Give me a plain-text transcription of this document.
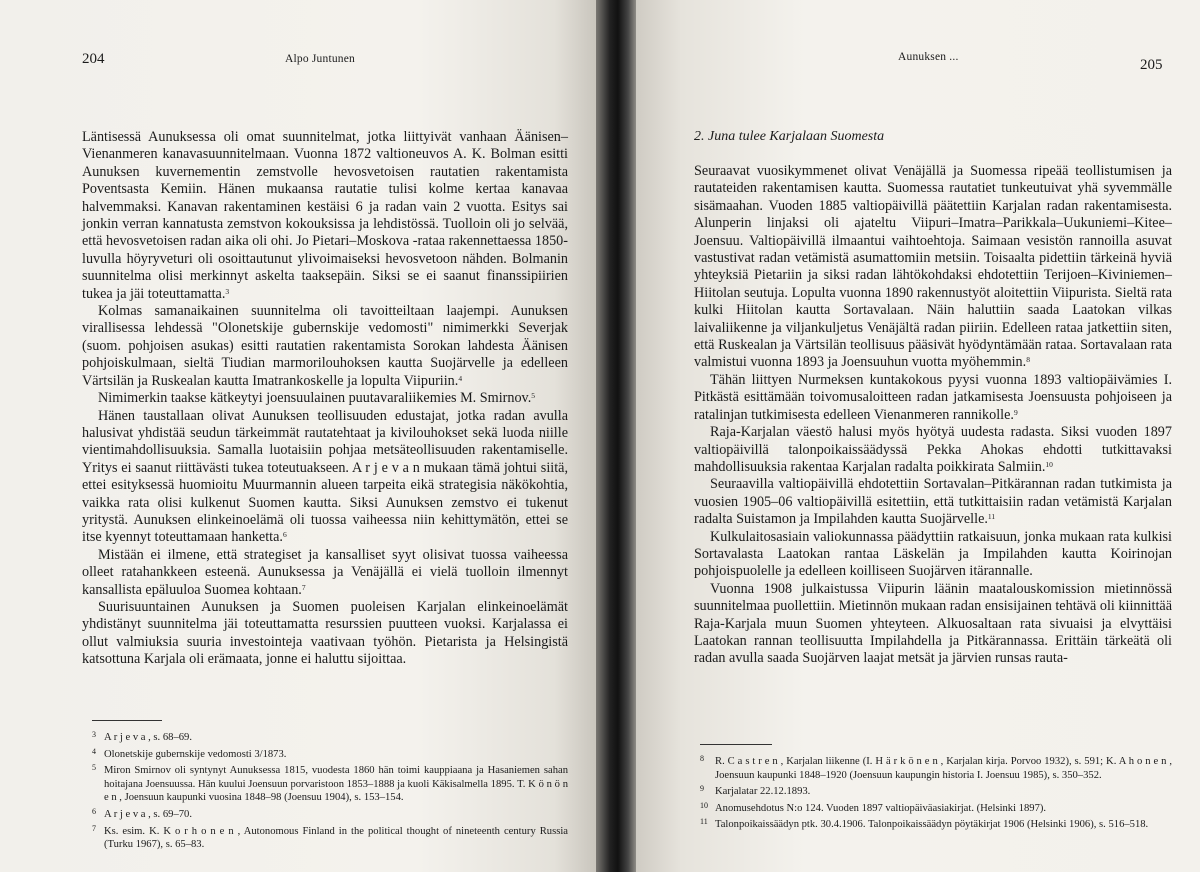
204	Alpo Juntunen

Läntisessä Aunuksessa oli omat suunnitelmat, jotka liittyivät vanhaan Äänisen–Vienanmeren kanavasuunnitelmaan. Vuonna 1872 valtioneuvos A. K. Bolman esitti Aunuksen kuvernementin zemstvolle hevosvetoisen rautatien rakentamista Poventsasta Kemiin. Hänen mukaansa rautatie tulisi kolme kertaa kanavaa halvemmaksi. Kanavan rakentaminen kestäisi 6 ja radan vain 2 vuotta. Esitys sai jonkin verran kannatusta zemstvon kokouksissa ja lehdistössä. Tuolloin oli jo selvää, että hevosvetoisen radan aika oli ohi. Jo Pietari–Moskova -rataa rakennettaessa 1850-luvulla höyryveturi oli osoittautunut ylivoimaiseksi hevosvetoon nähden. Bolmanin suunnitelma olisi merkinnyt askelta taaksepäin. Siksi se ei saanut finanssipiirien tukea ja jäi toteuttamatta.$^3$

Kolmas samanaikainen suunnitelma oli tavoitteiltaan laajempi. Aunuksen virallisessa lehdessä "Olonetskije gubernskije vedomosti" nimimerkki Severjak (suom. pohjoisen asukas) esitti rautatien rakentamista Sorokan lahdesta Äänisen pohjoiskulmaan, sieltä Tiudian marmorilouhoksen kautta Suojärvelle ja edelleen Värtsilän ja Ruskealan kautta Imatrankoskelle ja lopulta Viipuriin.$^4$

Nimimerkin taakse kätkeytyi joensuulainen puutavaraliikemies M. Smirnov.$^5$

Hänen taustallaan olivat Aunuksen teollisuuden edustajat, jotka radan avulla halusivat yhdistää seudun tärkeimmät rautatehtaat ja kivilouhokset sekä luoda niille vientimahdollisuuksia. Samalla luotaisiin pohjaa metsäteollisuuden rakentamiselle. Yritys ei saanut riittävästi tukea toteutuakseen. A r j e v a n mukaan tämä johtui siitä, ettei esityksessä huomioitu Muurmannin alueen tarpeita eikä strategisia näkökohtia, vaikka rata olisi kulkenut Suomen kautta. Siksi Aunuksen zemstvo ei tukenut yritystä. Aunuksen elinkeinoelämä oli tuossa vaiheessa niin kehittymätön, ettei se itse kyennyt toteuttamaan hanketta.$^6$

Mistään ei ilmene, että strategiset ja kansalliset syyt olisivat tuossa vaiheessa olleet ratahankkeen esteenä. Aunuksessa ja Venäjällä ei vielä tuolloin ilmennyt kansallista epäluuloa Suomea kohtaan.$^7$

Suurisuuntainen Aunuksen ja Suomen puoleisen Karjalan elinkeinoelämät yhdistänyt suunnitelma jäi toteuttamatta resurssien puutteen vuoksi. Karjalassa ei ollut valmiuksia suuria investointeja vaativaan työhön. Pietarista ja Helsingistä katsottuna Karjala oli erämaata, jonne ei haluttu sijoittaa.

3 A r j e v a , s. 68–69.

4 Olonetskije gubernskije vedomosti 3/1873.

5 Miron Smirnov oli syntynyt Aunuksessa 1815, vuodesta 1860 hän toimi kauppiaana ja Hasaniemen sahan hoitajana Joensuussa. Hän kuului Joensuun porvaristoon 1853–1888 ja kuoli Käkisalmella 1895. T. K ö n ö n e n , Joensuun kaupunki vuosina 1848–98 (Joensuu 1904), s. 153–154.

6 A r j e v a , s. 69–70.

7 Ks. esim. K. K o r h o n e n , Autonomous Finland in the political thought of nineteenth century Russia (Turku 1967), s. 65–83.

Aunuksen ...	205
2. Juna tulee Karjalaan Suomesta

Seuraavat vuosikymmenet olivat Venäjällä ja Suomessa ripeää teollistumisen ja rautateiden rakentamisen kautta. Suomessa rautatiet tunkeutuivat yhä syvemmälle sisämaahan. Vuoden 1885 valtiopäivillä päätettiin Karjalan radan rakentamisesta. Alunperin linjaksi oli ajateltu Viipuri–Imatra–Parikkala–Uukuniemi–Kitee–Joensuu. Valtiopäivillä ilmaantui vaihtoehtoja. Saimaan vesistön rannoilla asuvat vastustivat radan vetämistä asumattomiin metsiin. Toisaalta pidettiin tärkeinä hyviä yhteyksiä Pietariin ja siksi radan lähtökohdaksi ehdotettiin Terijoen–Kiviniemen–Hiitolan seutuja. Lopulta vuonna 1890 rakennustyöt aloitettiin Viipurista. Sieltä rata kulki Hiitolan kautta Sortavalaan. Näin haluttiin saada Laatokan vilkas laivaliikenne ja viljankuljetus Venäjältä radan piiriin. Edelleen rataa jatkettiin siten, että Ruskealan ja Värtsilän teollisuus pääsivät hyödyntämään rataa. Sortavalaan rata valmistui vuonna 1893 ja Joensuuhun vuotta myöhemmin.$^8$

Tähän liittyen Nurmeksen kuntakokous pyysi vuonna 1893 valtiopäivämies I. Pitkästä esittämään toivomusaloitteen radan jatkamisesta Joensuusta pohjoiseen ja ratalinjan tutkimisesta edelleen Vienanmeren rannikolle.$^9$

Raja-Karjalan väestö halusi myös hyötyä uudesta radasta. Siksi vuoden 1897 valtiopäivillä talonpoikaissäädyssä Pekka Ahokas ehdotti tutkittavaksi mahdollisuuksia rakentaa Karjalan radalta poikkirata Salmiin.$^{10}$

Seuraavilla valtiopäivillä ehdotettiin Sortavalan–Pitkärannan radan tutkimista ja vuosien 1905–06 valtiopäivillä esitettiin, että tutkittaisiin radan vetämistä Karjalan radalta Suistamon ja Impilahden kautta Suojärvelle.$^{11}$

Kulkulaitosasiain valiokunnassa päädyttiin ratkaisuun, jonka mukaan rata kulkisi Sortavalasta Laatokan rantaa Läskelän ja Impilahden kautta Koirinojan pohjoispuolelle ja edelleen koilliseen Suojärven itärannalle.

Vuonna 1908 julkaistussa Viipurin läänin maatalouskomission mietinnössä suunnitelmaa puollettiin. Mietinnön mukaan radan ensisijainen tehtävä oli kiinnittää Raja-Karjala muun Suomen yhteyteen. Alkuosaltaan rata sivuaisi ja elvyttäisi Laatokan rannan teollisuutta Impilahdella ja Pitkärannassa. Erittäin tärkeätä oli radan avulla saada Suojärven laajat metsät ja järvien runsas rauta-

8 R. C a s t r e n , Karjalan liikenne (I. H ä r k ö n e n , Karjalan kirja. Porvoo 1932), s. 591; K. A h o n e n , Joensuun kaupunki 1848–1920 (Joensuun kaupungin historia I. Joensuu 1985), s. 350–352.

9 Karjalatar 22.12.1893.

10 Anomusehdotus N:o 124. Vuoden 1897 valtiopäiväasiakirjat. (Helsinki 1897).

11 Talonpoikaissäädyn ptk. 30.4.1906. Talonpoikaissäädyn pöytäkirjat 1906 (Helsinki 1906), s. 516–518.
